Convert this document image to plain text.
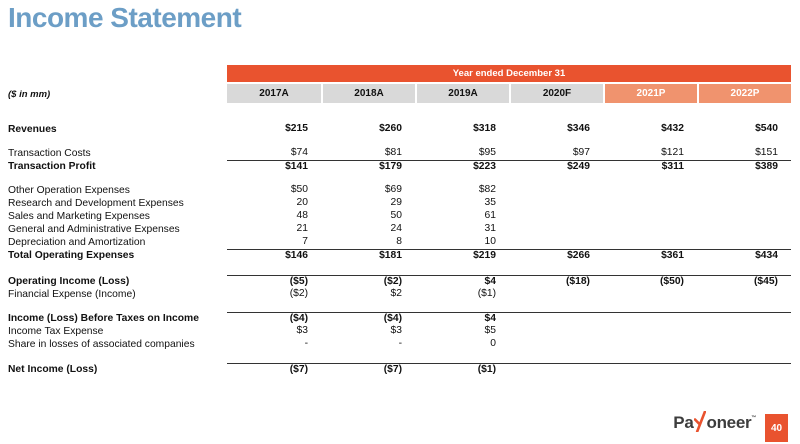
Income Statement
Year ended December 31
($ in mm)	2017A	2018A	2019A	2020F	2021P	2022P
Revenues	$215	$260	$318	$346	$432	$540
Transaction Costs	$74	$81	$95	$97	$121	$151
Transaction Profit	$141	$179	$223	$249	$311	$389
Other Operation Expenses	$50	$69	$82
Research and Development Expenses	20	29	35
Sales and Marketing Expenses	48	50	61
General and Administrative Expenses	21	24	31
Depreciation and Amortization	7	8	10
Total Operating Expenses	$146	$181	$219	$266	$361	$434
Operating Income (Loss)	($5)	($2)	$4	($18)	($50)	($45)
Financial Expense (Income)	($2)	$2	($1)
Income (Loss) Before Taxes on Income	($4)	($4)	$4
Income Tax Expense	$3	$3	$5
Share in losses of associated companies	-	-	0
Net Income (Loss)	($7)	($7)	($1)
Pa oneer ™
40
